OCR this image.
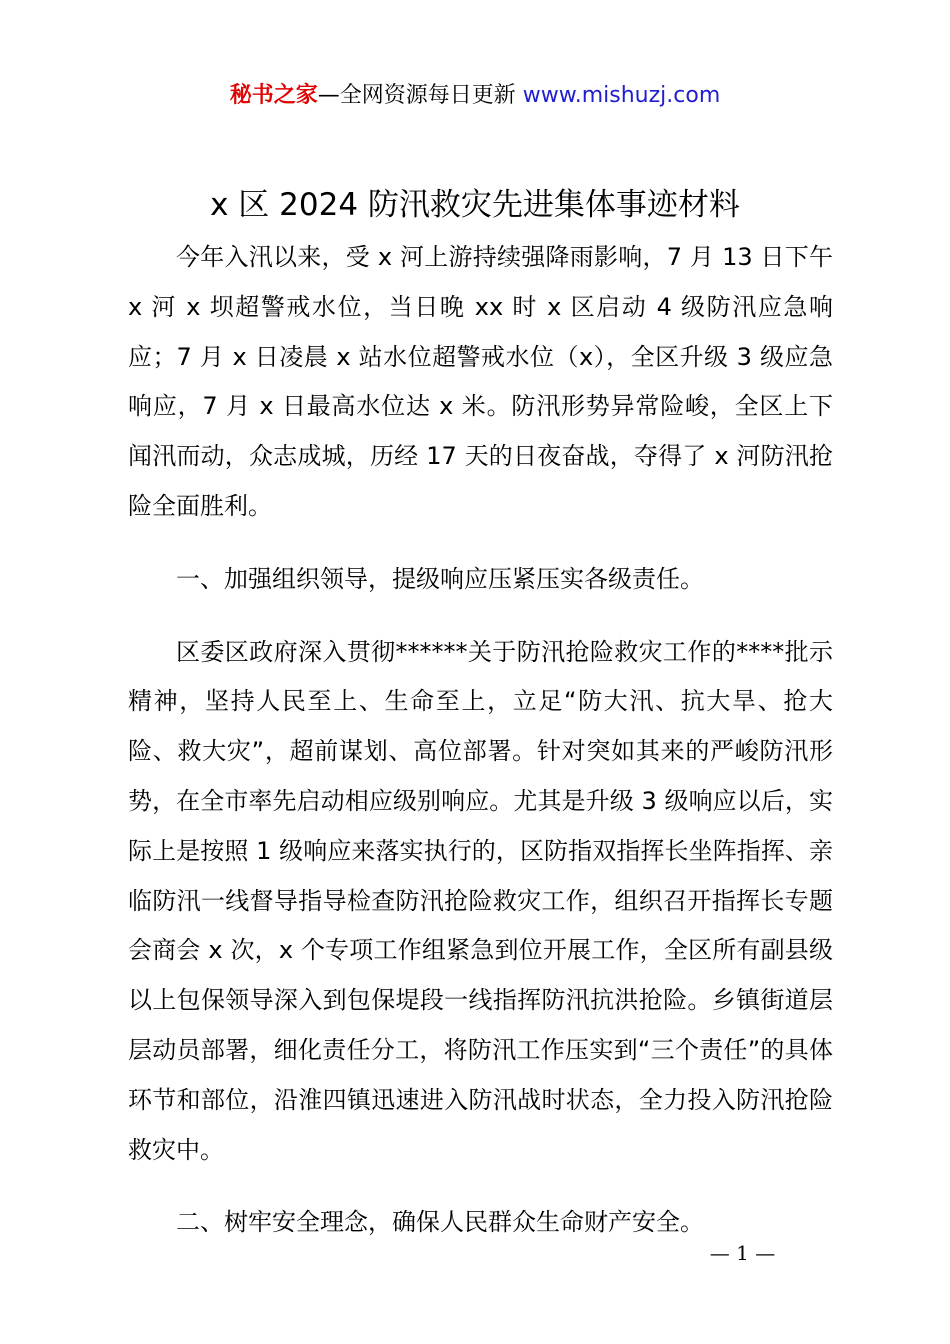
秘书之家—全网资源每日更新 www.mishuzj.com
x 区 2024 防汛救灾先进集体事迹材料

今年入汛以来，受 x 河上游持续强降雨影响，7 月 13 日下午 x 河 x 坝超警戒水位，当日晚 xx 时 x 区启动 4 级防汛应急响应；7 月 x 日凌晨 x 站水位超警戒水位（x），全区升级 3 级应急响应，7 月 x 日最高水位达 x 米。防汛形势异常险峻，全区上下闻汛而动，众志成城，历经 17 天的日夜奋战，夺得了 x 河防汛抢险全面胜利。

一、加强组织领导，提级响应压紧压实各级责任。

区委区政府深入贯彻******关于防汛抢险救灾工作的****批示精神，坚持人民至上、生命至上，立足“防大汛、抗大旱、抢大险、救大灾”，超前谋划、高位部署。针对突如其来的严峻防汛形势，在全市率先启动相应级别响应。尤其是升级 3 级响应以后，实际上是按照 1 级响应来落实执行的，区防指双指挥长坐阵指挥、亲临防汛一线督导指导检查防汛抢险救灾工作，组织召开指挥长专题会商会 x 次，x 个专项工作组紧急到位开展工作，全区所有副县级以上包保领导深入到包保堤段一线指挥防汛抗洪抢险。乡镇街道层层动员部署，细化责任分工，将防汛工作压实到“三个责任”的具体环节和部位，沿淮四镇迅速进入防汛战时状态，全力投入防汛抢险救灾中。

二、树牢安全理念，确保人民群众生命财产安全。

— 1 —
